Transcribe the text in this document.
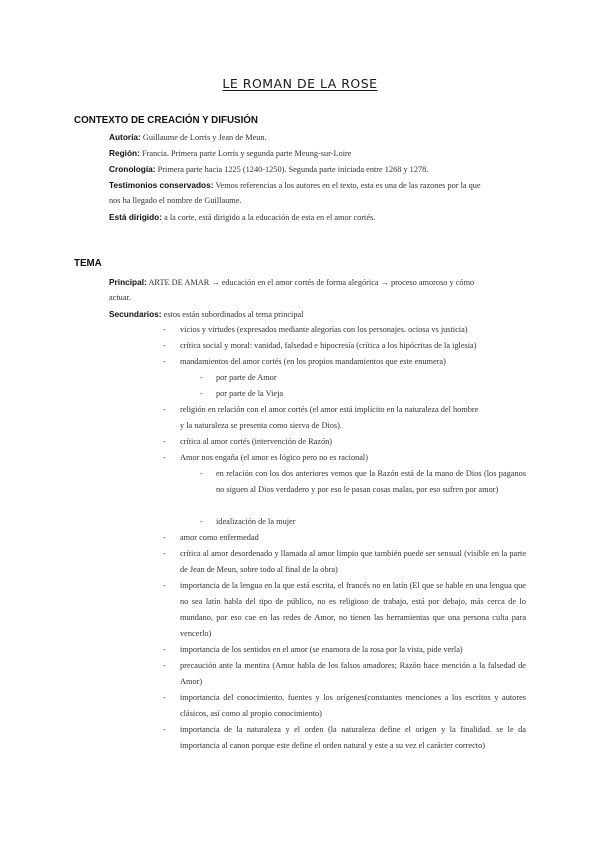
LE ROMAN DE LA ROSE
CONTEXTO DE CREACIÓN Y DIFUSIÓN
Autoría: Guillaume de Lorris y Jean de Meun.
Región: Francia. Primera parte Lorris y segunda parte Meung-sur-Loire
Cronología: Primera parte hacia 1225 (1240-1250). Segunda parte iniciada entre 1268 y 1278.
Testimonios conservados: Vemos referencias a los autores en el texto, esta es una de las razones por la que
nos ha llegado el nombre de Guillaume.
Está dirigido: a la corte, está dirigido a la educación de esta en el amor cortés.
TEMA
Principal: ARTE DE AMAR → educación en el amor cortés de forma alegórica → proceso amoroso y cómo
actuar.
Secundarios: estos están subordinados al tema principal
- vicios y virtudes (expresados mediante alegorías con los personajes. ociosa vs justicia)
- crítica social y moral: vanidad, falsedad e hipocresía (crítica a los hipócritas de la iglesia)
- mandamientos del amor cortés (en los propios mandamientos que este enumera)
- por parte de Amor
- por parte de la Vieja
- religión en relación con el amor cortés (el amor está implícito en la naturaleza del hombre
y la naturaleza se presenta como sierva de Dios).
- crítica al amor cortés (intervención de Razón)
- Amor nos engaña (el amor es lógico pero no es racional)
- en relación con los dos anteriores vemos que la Razón está de la mano de Dios (los paganos no siguen al Dios verdadero y por eso le pasan cosas malas, por eso sufren por amor)
- idealización de la mujer
- amor como enfermedad
- crítica al amor desordenado y llamada al amor limpio que también puede ser sensual (visible en la parte de Jean de Meun, sobre todo al final de la obra)
- importancia de la lengua en la que está escrita, el francés no en latín (El que se hable en una lengua que no sea latín habla del tipo de público, no es religioso de trabajo, está por debajo, más cerca de lo mundano, por eso cae en las redes de Amor, no tienen las herramientas que una persona culta para vencerlo)
- importancia de los sentidos en el amor (se enamora de la rosa por la vista, pide verla)
- precaución ante la mentira (Amor habla de los falsos amadores; Razón hace mención a la falsedad de Amor)
- importancia del conocimiento, fuentes y los orígenes(constantes menciones a los escritos y autores clásicos, así como al propio conocimiento)
- importancia de la naturaleza y el orden (la naturaleza define el origen y la finalidad. se le da importancia al canon porque este define el orden natural y este a su vez el carácter correcto)
